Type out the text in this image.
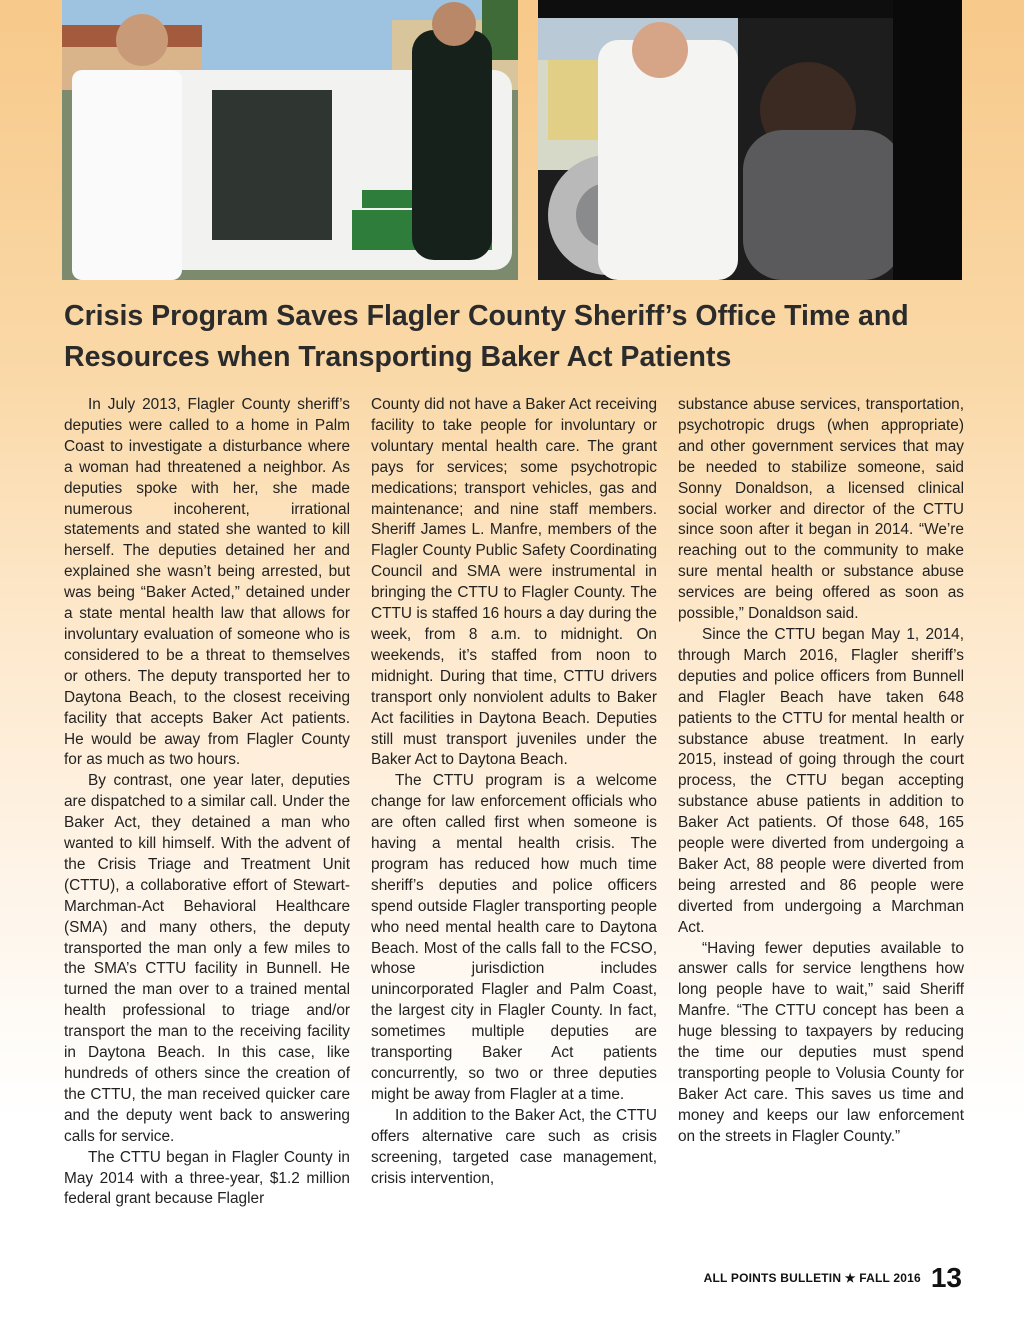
Crisis Program Saves Flagler County Sheriff’s Office Time and Resources when Transporting Baker Act Patients

In July 2013, Flagler County sheriff’s deputies were called to a home in Palm Coast to investigate a disturbance where a woman had threatened a neighbor. As deputies spoke with her, she made numerous incoherent, irrational statements and stated she wanted to kill herself. The deputies detained her and explained she wasn’t being arrested, but was being “Baker Acted,” detained under a state mental health law that allows for involuntary evaluation of someone who is considered to be a threat to themselves or others. The deputy transported her to Daytona Beach, to the closest receiving facility that accepts Baker Act patients. He would be away from Flagler County for as much as two hours.

By contrast, one year later, deputies are dispatched to a similar call. Under the Baker Act, they detained a man who wanted to kill himself. With the advent of the Crisis Triage and Treatment Unit (CTTU), a collaborative effort of Stewart-Marchman-Act Behavioral Healthcare (SMA) and many others, the deputy transported the man only a few miles to the SMA’s CTTU facility in Bunnell. He turned the man over to a trained mental health professional to triage and/or transport the man to the receiving facility in Daytona Beach. In this case, like hundreds of others since the creation of the CTTU, the man received quicker care and the deputy went back to answering calls for service.

The CTTU began in Flagler County in May 2014 with a three-year, $1.2 million federal grant because Flagler

County did not have a Baker Act receiving facility to take people for involuntary or voluntary mental health care. The grant pays for services; some psychotropic medications; transport vehicles, gas and maintenance; and nine staff members. Sheriff James L. Manfre, members of the Flagler County Public Safety Coordinating Council and SMA were instrumental in bringing the CTTU to Flagler County. The CTTU is staffed 16 hours a day during the week, from 8 a.m. to midnight. On weekends, it’s staffed from noon to midnight. During that time, CTTU drivers transport only nonviolent adults to Baker Act facilities in Daytona Beach. Deputies still must transport juveniles under the Baker Act to Daytona Beach.

The CTTU program is a welcome change for law enforcement officials who are often called first when someone is having a mental health crisis. The program has reduced how much time sheriff’s deputies and police officers spend outside Flagler transporting people who need mental health care to Daytona Beach. Most of the calls fall to the FCSO, whose jurisdiction includes unincorporated Flagler and Palm Coast, the largest city in Flagler County. In fact, sometimes multiple deputies are transporting Baker Act patients concurrently, so two or three deputies might be away from Flagler at a time.

In addition to the Baker Act, the CTTU offers alternative care such as crisis screening, targeted case management, crisis intervention,

substance abuse services, transportation, psychotropic drugs (when appropriate) and other government services that may be needed to stabilize someone, said Sonny Donaldson, a licensed clinical social worker and director of the CTTU since soon after it began in 2014. “We’re reaching out to the community to make sure mental health or substance abuse services are being offered as soon as possible,” Donaldson said.

Since the CTTU began May 1, 2014, through March 2016, Flagler sheriff’s deputies and police officers from Bunnell and Flagler Beach have taken 648 patients to the CTTU for mental health or substance abuse treatment. In early 2015, instead of going through the court process, the CTTU began accepting substance abuse patients in addition to Baker Act patients. Of those 648, 165 people were diverted from undergoing a Baker Act, 88 people were diverted from being arrested and 86 people were diverted from undergoing a Marchman Act.

“Having fewer deputies available to answer calls for service lengthens how long people have to wait,” said Sheriff Manfre. “The CTTU concept has been a huge blessing to taxpayers by reducing the time our deputies must spend transporting people to Volusia County for Baker Act care. This saves us time and money and keeps our law enforcement on the streets in Flagler County.”

ALL POINTS BULLETIN ★ FALL 2016 13
